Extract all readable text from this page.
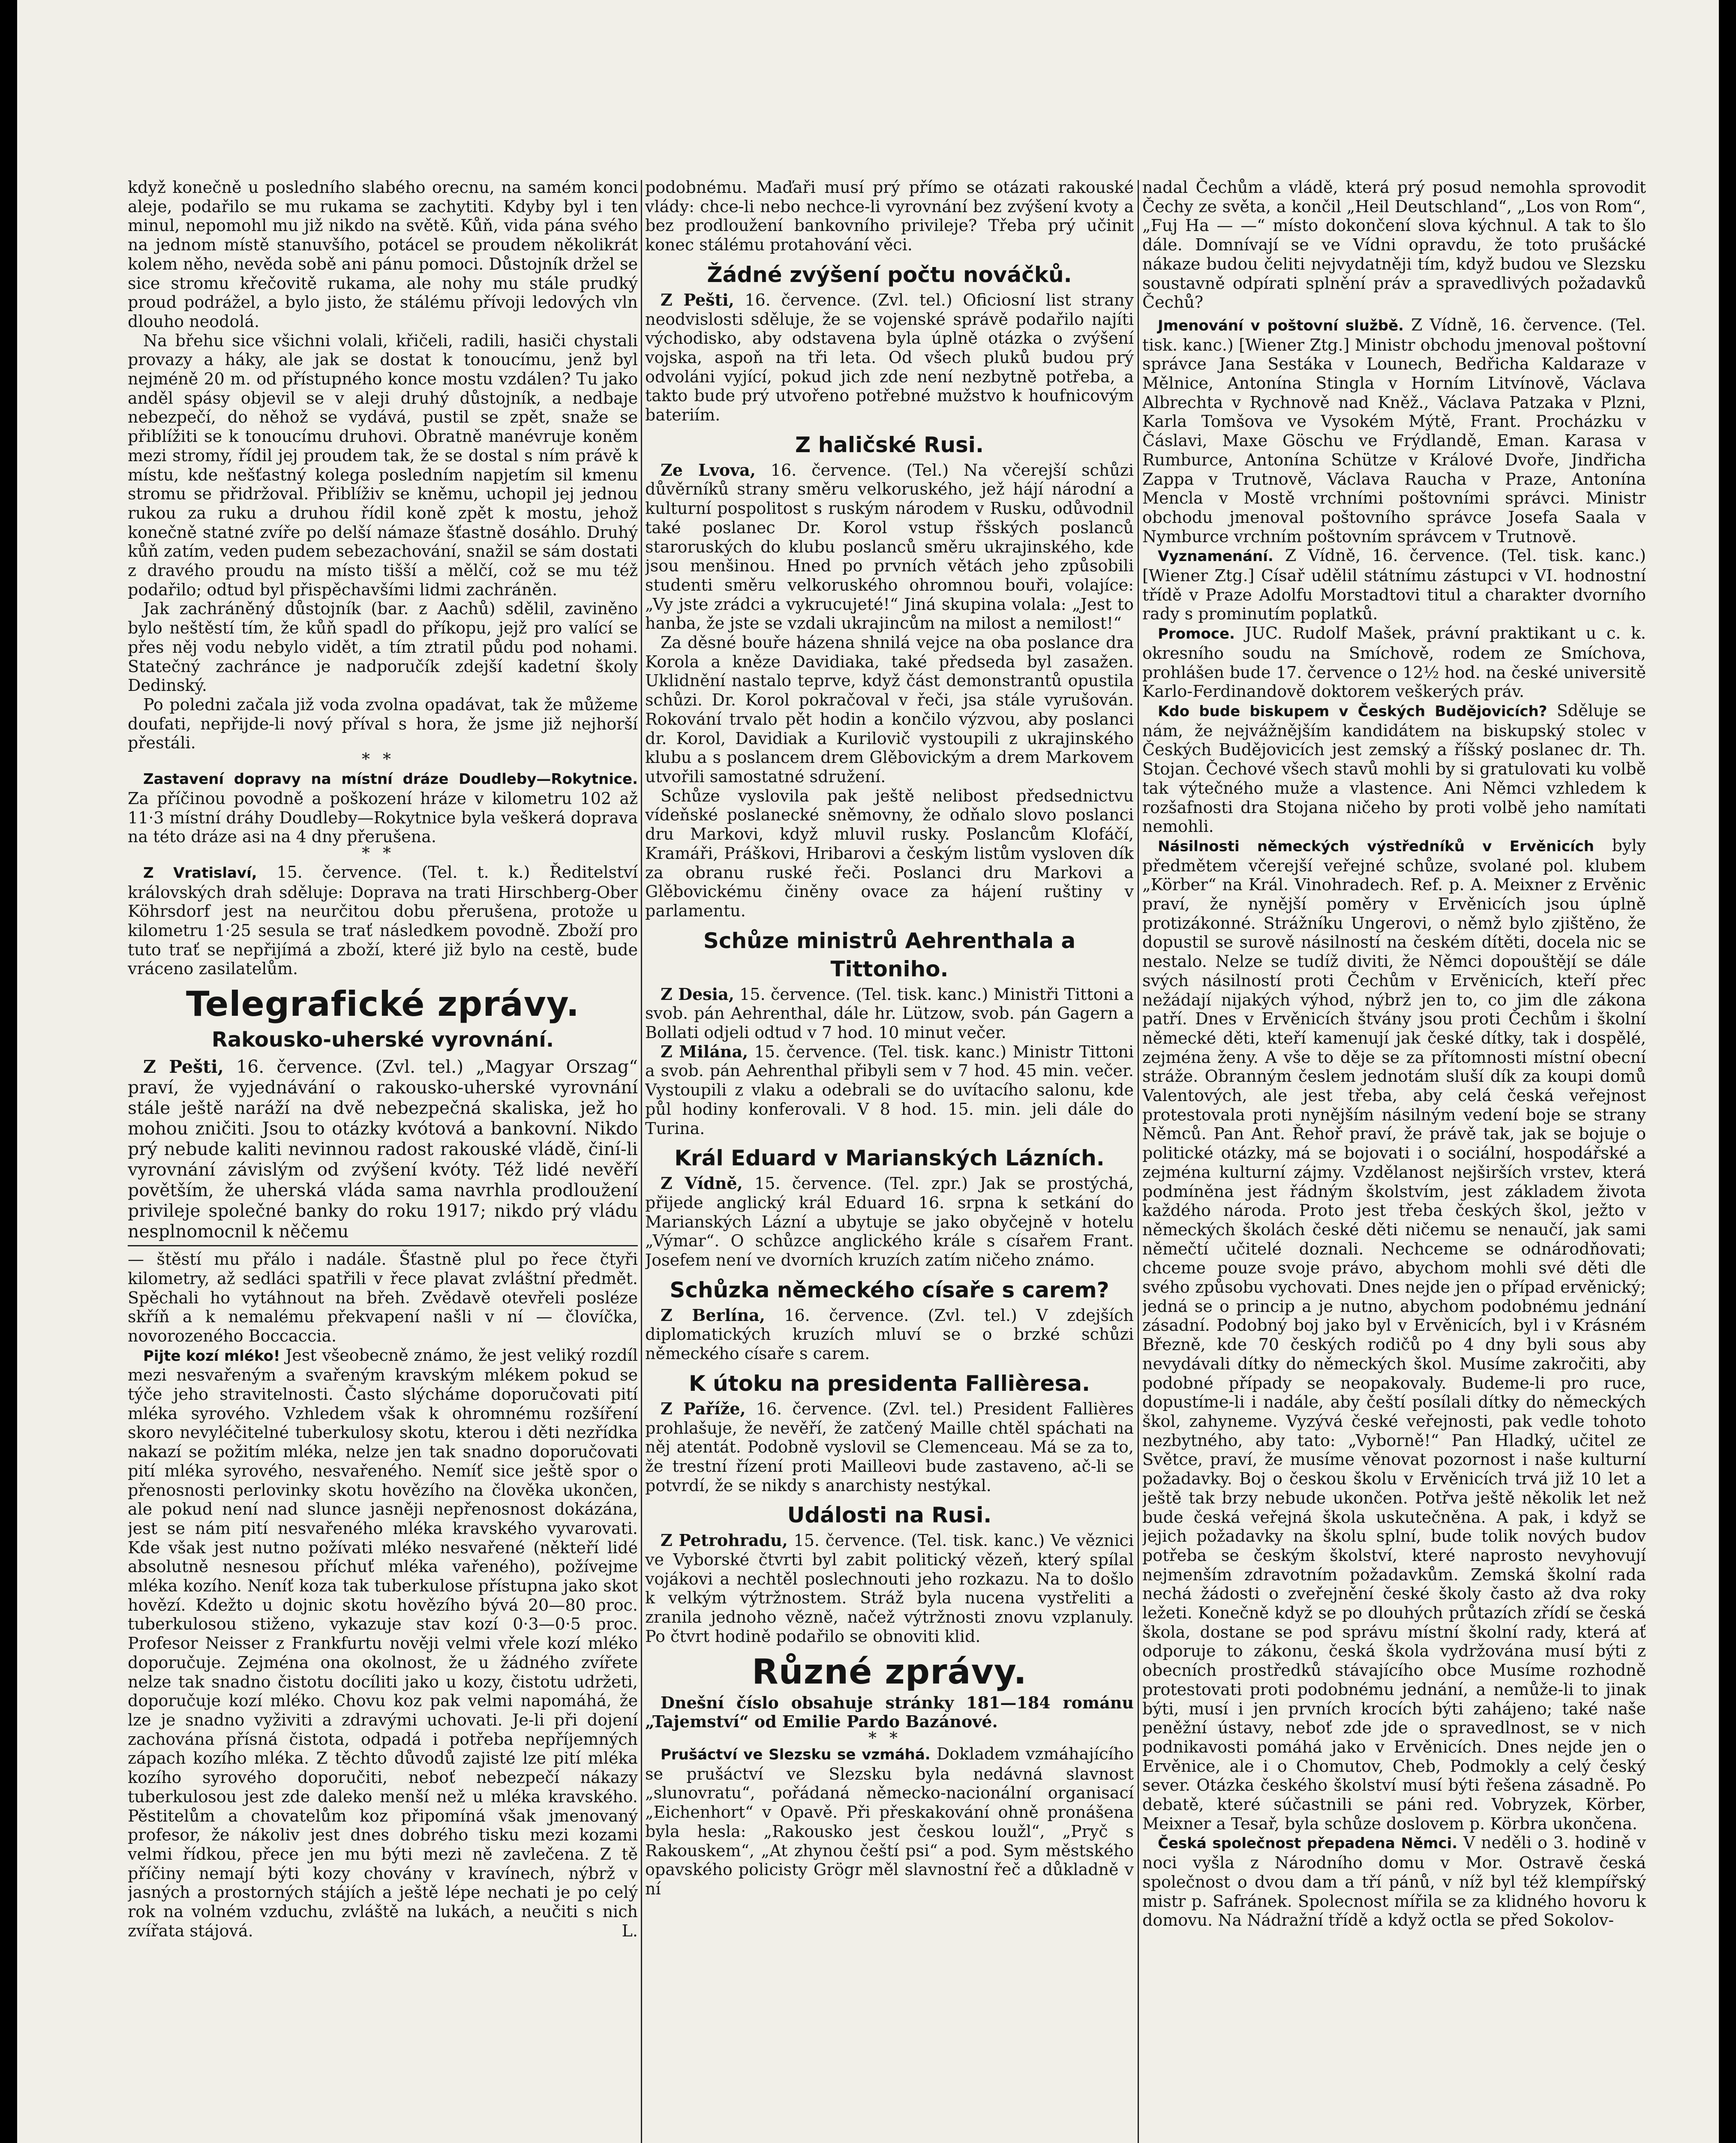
když konečně u posledního slabého orecnu, na samém konci aleje, podařilo se mu rukama se zachytiti. Kdyby byl i ten minul, nepomohl mu již nikdo na světě. Kůň, vida pána svého na jednom místě stanuvšího, potácel se proudem několikrát kolem něho, nevěda sobě ani pánu pomoci. Důstojník držel se sice stromu křečovitě rukama, ale nohy mu stále prudký proud podrážel, a bylo jisto, že stálému přívoji ledových vln dlouho neodolá.

Na břehu sice všichni volali, křičeli, radili, hasiči chystali provazy a háky, ale jak se dostat k tonoucímu, jenž byl nejméně 20 m. od přístupného konce mostu vzdálen? Tu jako anděl spásy objevil se v aleji druhý důstojník, a nedbaje nebezpečí, do něhož se vydává, pustil se zpět, snaže se přiblížiti se k tonoucímu druhovi. Obratně manévruje koněm mezi stromy, řídil jej proudem tak, že se dostal s ním právě k místu, kde nešťastný kolega posledním napjetím sil kmenu stromu se přidržoval. Přiblíživ se kněmu, uchopil jej jednou rukou za ruku a druhou řídil koně zpět k mostu, jehož konečně statné zvíře po delší námaze šťastně dosáhlo. Druhý kůň zatím, veden pudem sebezachování, snažil se sám dostati z dravého proudu na místo tišší a mělčí, což se mu též podařilo; odtud byl přispěchavšími lidmi zachráněn.

Jak zachráněný důstojník (bar. z Aachů) sdělil, zaviněno bylo neštěstí tím, že kůň spadl do příkopu, jejž pro valící se přes něj vodu nebylo vidět, a tím ztratil půdu pod nohami. Statečný zachránce je nadporučík zdejší kadetní školy Dedinský.

Po poledni začala již voda zvolna opadávat, tak že můžeme doufati, nepřijde-li nový příval s hora, že jsme již nejhorší přestáli.

**

Zastavení dopravy na místní dráze Doudleby—Rokytnice. Za příčinou povodně a poškození hráze v kilometru 102 až 11·3 místní dráhy Doudleby—Rokytnice byla veškerá doprava na této dráze asi na 4 dny přerušena.

**

Z Vratislaví, 15. července. (Tel. t. k.) Ředitelství královských drah sděluje: Doprava na trati Hirschberg-Ober Köhrsdorf jest na neurčitou dobu přerušena, protože u kilometru 1·25 sesula se trať následkem povodně. Zboží pro tuto trať se nepřijímá a zboží, které již bylo na cestě, bude vráceno zasilatelům.

Telegrafické zprávy.
Rakousko-uherské vyrovnání.

Z Pešti, 16. července. (Zvl. tel.) „Magyar Orszag“ praví, že vyjednávání o rakousko-uherské vyrovnání stále ještě naráží na dvě nebezpečná skaliska, jež ho mohou zničiti. Jsou to otázky kvótová a bankovní. Nikdo prý nebude kaliti nevinnou radost rakouské vládě, činí-li vyrovnání závislým od zvýšení kvóty. Též lidé nevěří povětším, že uherská vláda sama navrhla prodloužení privileje společné banky do roku 1917; nikdo prý vládu nesplnomocnil k něčemu

— štěstí mu přálo i nadále. Šťastně plul po řece čtyři kilometry, až sedláci spatřili v řece plavat zvláštní předmět. Spěchali ho vytáhnout na břeh. Zvědavě otevřeli posléze skříň a k nemalému překvapení našli v ní — človíčka, novorozeného Boccaccia.

Pijte kozí mléko! Jest všeobecně známo, že jest veliký rozdíl mezi nesvařeným a svařeným kravským mlékem pokud se týče jeho stravitelnosti. Často slýcháme doporučovati pití mléka syrového. Vzhledem však k ohromnému rozšíření skoro nevyléčitelné tuberkulosy skotu, kterou i děti nezřídka nakazí se požitím mléka, nelze jen tak snadno doporučovati pití mléka syrového, nesvařeného. Nemíť sice ještě spor o přenosnosti perlovinky skotu hovězího na člověka ukončen, ale pokud není nad slunce jasněji nepřenosnost dokázána, jest se nám pití nesvařeného mléka kravského vyvarovati. Kde však jest nutno požívati mléko nesvařené (někteří lidé absolutně nesnesou příchuť mléka vařeného), požívejme mléka kozího. Neníť koza tak tuberkulose přístupna jako skot hovězí. Kdežto u dojnic skotu hovězího bývá 20—80 proc. tuberkulosou stiženo, vykazuje stav kozí 0·3—0·5 proc. Profesor Neisser z Frankfurtu nověji velmi vřele kozí mléko doporučuje. Zejména ona okolnost, že u žádného zvířete nelze tak snadno čistotu docíliti jako u kozy, čistotu udržeti, doporučuje kozí mléko. Chovu koz pak velmi napomáhá, že lze je snadno vyživiti a zdravými uchovati. Je-li při dojení zachována přísná čistota, odpadá i potřeba nepříjemných zápach kozího mléka. Z těchto důvodů zajisté lze pití mléka kozího syrového doporučiti, neboť nebezpečí nákazy tuberkulosou jest zde daleko menší než u mléka kravského. Pěstitelům a chovatelům koz připomíná však jmenovaný profesor, že nákoliv jest dnes dobrého tisku mezi kozami velmi řídkou, přece jen mu býti mezi ně zavlečena. Z tě příčiny nemají býti kozy chovány v kravínech, nýbrž v jasných a prostorných stájích a ještě lépe nechati je po celý rok na volném vzduchu, zvláště na lukách, a neučiti s nich zvířata stájová.	L.

podobnému. Maďaři musí prý přímo se otázati rakouské vlády: chce-li nebo nechce-li vyrovnání bez zvýšení kvoty a bez prodloužení bankovního privileje? Třeba prý učinit konec stálému protahování věci.

Žádné zvýšení počtu nováčků.

Z Pešti, 16. července. (Zvl. tel.) Oficiosní list strany neodvislosti sděluje, že se vojenské správě podařilo najíti východisko, aby odstavena byla úplně otázka o zvýšení vojska, aspoň na tři leta. Od všech pluků budou prý odvoláni vyjící, pokud jich zde není nezbytně potřeba, a takto bude prý utvořeno potřebné mužstvo k houfnicovým bateriím.

Z haličské Rusi.

Ze Lvova, 16. července. (Tel.) Na včerejší schůzi důvěrníků strany směru velkoruského, jež hájí národní a kulturní pospolitost s ruským národem v Rusku, odůvodnil také poslanec Dr. Korol vstup řšských poslanců staroruských do klubu poslanců směru ukrajinského, kde jsou menšinou. Hned po prvních větách jeho způsobili studenti směru velkoruského ohromnou bouři, volajíce: „Vy jste zrádci a vykrucujeté!“ Jiná skupina volala: „Jest to hanba, že jste se vzdali ukrajincům na milost a nemilost!“

Za děsné bouře házena shnilá vejce na oba poslance dra Korola a kněze Davidiaka, také předseda byl zasažen. Uklidnění nastalo teprve, když část demonstrantů opustila schůzi. Dr. Korol pokračoval v řeči, jsa stále vyrušován. Rokování trvalo pět hodin a končilo výzvou, aby poslanci dr. Korol, Davidiak a Kurilovič vystoupili z ukrajinského klubu a s poslancem drem Glěbovickým a drem Markovem utvořili samostatné sdružení.

Schůze vyslovila pak ještě nelibost předsednictvu vídeňské poslanecké sněmovny, že odňalo slovo poslanci dru Markovi, když mluvil rusky. Poslancům Klofáčí, Kramáři, Práškovi, Hribarovi a českým listům vysloven dík za obranu ruské řeči. Poslanci dru Markovi a Glěbovickému činěny ovace za hájení ruštiny v parlamentu.

Schůze ministrů Aehrenthala a Tittoniho.

Z Desia, 15. července. (Tel. tisk. kanc.) Ministři Tittoni a svob. pán Aehrenthal, dále hr. Lützow, svob. pán Gagern a Bollati odjeli odtud v 7 hod. 10 minut večer.

Z Milána, 15. července. (Tel. tisk. kanc.) Ministr Tittoni a svob. pán Aehrenthal přibyli sem v 7 hod. 45 min. večer. Vystoupili z vlaku a odebrali se do uvítacího salonu, kde půl hodiny konferovali. V 8 hod. 15. min. jeli dále do Turina.

Král Eduard v Marianských Lázních.

Z Vídně, 15. července. (Tel. zpr.) Jak se prostýchá, přijede anglický král Eduard 16. srpna k setkání do Marianských Lázní a ubytuje se jako obyčejně v hotelu „Výmar“. O schůzce anglického krále s císařem Frant. Josefem není ve dvorních kruzích zatím ničeho známo.

Schůzka německého císaře s carem?

Z Berlína, 16. července. (Zvl. tel.) V zdejších diplomatických kruzích mluví se o brzké schůzi německého císaře s carem.

K útoku na presidenta Fallièresa.

Z Paříže, 16. července. (Zvl. tel.) President Fallières prohlašuje, že nevěří, že zatčený Maille chtěl spáchati na něj atentát. Podobně vyslovil se Clemenceau. Má se za to, že trestní řízení proti Mailleovi bude zastaveno, ač-li se potvrdí, že se nikdy s anarchisty nestýkal.

Události na Rusi.

Z Petrohradu, 15. července. (Tel. tisk. kanc.) Ve věznici ve Vyborské čtvrti byl zabit politický vězeň, který spílal vojákovi a nechtěl poslechnouti jeho rozkazu. Na to došlo k velkým výtržnostem. Stráž byla nucena vystřeliti a zranila jednoho vězně, načež výtržnosti znovu vzplanuly. Po čtvrt hodině podařilo se obnoviti klid.

Různé zprávy.

Dnešní číslo obsahuje stránky 181—184 románu „Tajemství“ od Emilie Pardo Bazánové.

**

Prušáctví ve Slezsku se vzmáhá. Dokladem vzmáhajícího se prušáctví ve Slezsku byla nedávná slavnost „slunovratu“, pořádaná německo-nacionální organisací „Eichenhort“ v Opavě. Při přeskakování ohně pronášena byla hesla: „Rakousko jest českou loužl“, „Pryč s Rakouskem“, „At zhynou čeští psi“ a pod. Sym městského opavského policisty Grögr měl slavnostní řeč a důkladně v ní

nadal Čechům a vládě, která prý posud nemohla sprovodit Čechy ze světa, a končil „Heil Deutschland“, „Los von Rom“, „Fuj Ha — —“ místo dokončení slova kýchnul. A tak to šlo dále. Domnívají se ve Vídni opravdu, že toto prušácké nákaze budou čeliti nejvydatněji tím, když budou ve Slezsku soustavně odpírati splnění práv a spravedlivých požadavků Čechů?

Jmenování v poštovní službě. Z Vídně, 16. července. (Tel. tisk. kanc.) [Wiener Ztg.] Ministr obchodu jmenoval poštovní správce Jana Sestáka v Lounech, Bedřicha Kaldaraze v Mělnice, Antonína Stingla v Horním Litvínově, Václava Albrechta v Rychnově nad Kněž., Václava Patzaka v Plzni, Karla Tomšova ve Vysokém Mýtě, Frant. Procházku v Čáslavi, Maxe Göschu ve Frýdlandě, Eman. Karasa v Rumburce, Antonína Schütze v Králové Dvoře, Jindřicha Zappa v Trutnově, Václava Raucha v Praze, Antonína Mencla v Mostě vrchními poštovními správci. Ministr obchodu jmenoval poštovního správce Josefa Saala v Nymburce vrchním poštovním správcem v Trutnově.

Vyznamenání. Z Vídně, 16. července. (Tel. tisk. kanc.) [Wiener Ztg.] Císař udělil státnímu zástupci v VI. hodnostní třídě v Praze Adolfu Morstadtovi titul a charakter dvorního rady s prominutím poplatků.

Promoce. JUC. Rudolf Mašek, právní praktikant u c. k. okresního soudu na Smíchově, rodem ze Smíchova, prohlášen bude 17. července o 12½ hod. na české universitě Karlo-Ferdinandově doktorem veškerých práv.

Kdo bude biskupem v Českých Budějovicích? Sděluje se nám, že nejvážnějším kandidátem na biskupský stolec v Českých Budějovicích jest zemský a říšský poslanec dr. Th. Stojan. Čechové všech stavů mohli by si gratulovati ku volbě tak výtečného muže a vlastence. Ani Němci vzhledem k rozšafnosti dra Stojana ničeho by proti volbě jeho namítati nemohli.

Násilnosti německých výstředníků v Ervěnicích byly předmětem včerejší veřejné schůze, svolané pol. klubem „Körber“ na Král. Vinohradech. Ref. p. A. Meixner z Ervěnic praví, že nynější poměry v Ervěnicích jsou úplně protizákonné. Strážníku Ungerovi, o němž bylo zjištěno, že dopustil se surově násilností na českém dítěti, docela nic se nestalo. Nelze se tudíž diviti, že Němci dopouštějí se dále svých násilností proti Čechům v Ervěnicích, kteří přec nežádají nijakých výhod, nýbrž jen to, co jim dle zákona patří. Dnes v Ervěnicích štvány jsou proti Čechům i školní německé děti, kteří kamenují jak české dítky, tak i dospělé, zejména ženy. A vše to děje se za přítomnosti místní obecní stráže. Obranným česlem jednotám sluší dík za koupi domů Valentových, ale jest třeba, aby celá česká veřejnost protestovala proti nynějším násilným vedení boje se strany Němců. Pan Ant. Řehoř praví, že právě tak, jak se bojuje o politické otázky, má se bojovati i o sociální, hospodářské a zejména kulturní zájmy. Vzdělanost nejširších vrstev, která podmíněna jest řádným školstvím, jest základem života každého národa. Proto jest třeba českých škol, ježto v německých školách české děti ničemu se nenaučí, jak sami němečtí učitelé doznali. Nechceme se odnárodňovati; chceme pouze svoje právo, abychom mohli své děti dle svého způsobu vychovati. Dnes nejde jen o případ ervěnický; jedná se o princip a je nutno, abychom podobnému jednání zásadní. Podobný boj jako byl v Ervěnicích, byl i v Krásném Březně, kde 70 českých rodičů po 4 dny byli sous aby nevydávali dítky do německých škol. Musíme zakročiti, aby podobné případy se neopakovaly. Budeme-li pro ruce, dopustíme-li i nadále, aby čeští posílali dítky do německých škol, zahyneme. Vyzývá české veřejnosti, pak vedle tohoto nezbytného, aby tato: „Vyborně!“ Pan Hladký, učitel ze Světce, praví, že musíme věnovat pozornost i naše kulturní požadavky. Boj o českou školu v Ervěnicích trvá již 10 let a ještě tak brzy nebude ukončen. Potřva ještě několik let než bude česká veřejná škola uskutečněna. A pak, i když se jejich požadavky na školu splní, bude tolik nových budov potřeba se českým školství, které naprosto nevyhovují nejmenším zdravotním požadavkům. Zemská školní rada nechá žádosti o zveřejnění české školy často až dva roky ležeti. Konečně když se po dlouhých průtazích zřídí se česká škola, dostane se pod správu místní školní rady, která ať odporuje to zákonu, česká škola vydržována musí býti z obecních prostředků stávajícího obce Musíme rozhodně protestovati proti podobnému jednání, a nemůže-li to jinak býti, musí i jen prvních krocích býti zahájeno; také naše peněžní ústavy, neboť zde jde o spravedlnost, se v nich podnikavosti pomáhá jako v Ervěnicích. Dnes nejde jen o Ervěnice, ale i o Chomutov, Cheb, Podmokly a celý český sever. Otázka českého školství musí býti řešena zásadně. Po debatě, které súčastnili se páni red. Vobryzek, Körber, Meixner a Tesař, byla schůze doslovem p. Körbra ukončena.

Česká společnost přepadena Němci. V neděli o 3. hodině v noci vyšla z Národního domu v Mor. Ostravě česká společnost o dvou dam a tří pánů, v níž byl též klempířský mistr p. Safránek. Spolecnost mířila se za klidného hovoru k domovu. Na Nádražní třídě a když octla se před Sokolov-
